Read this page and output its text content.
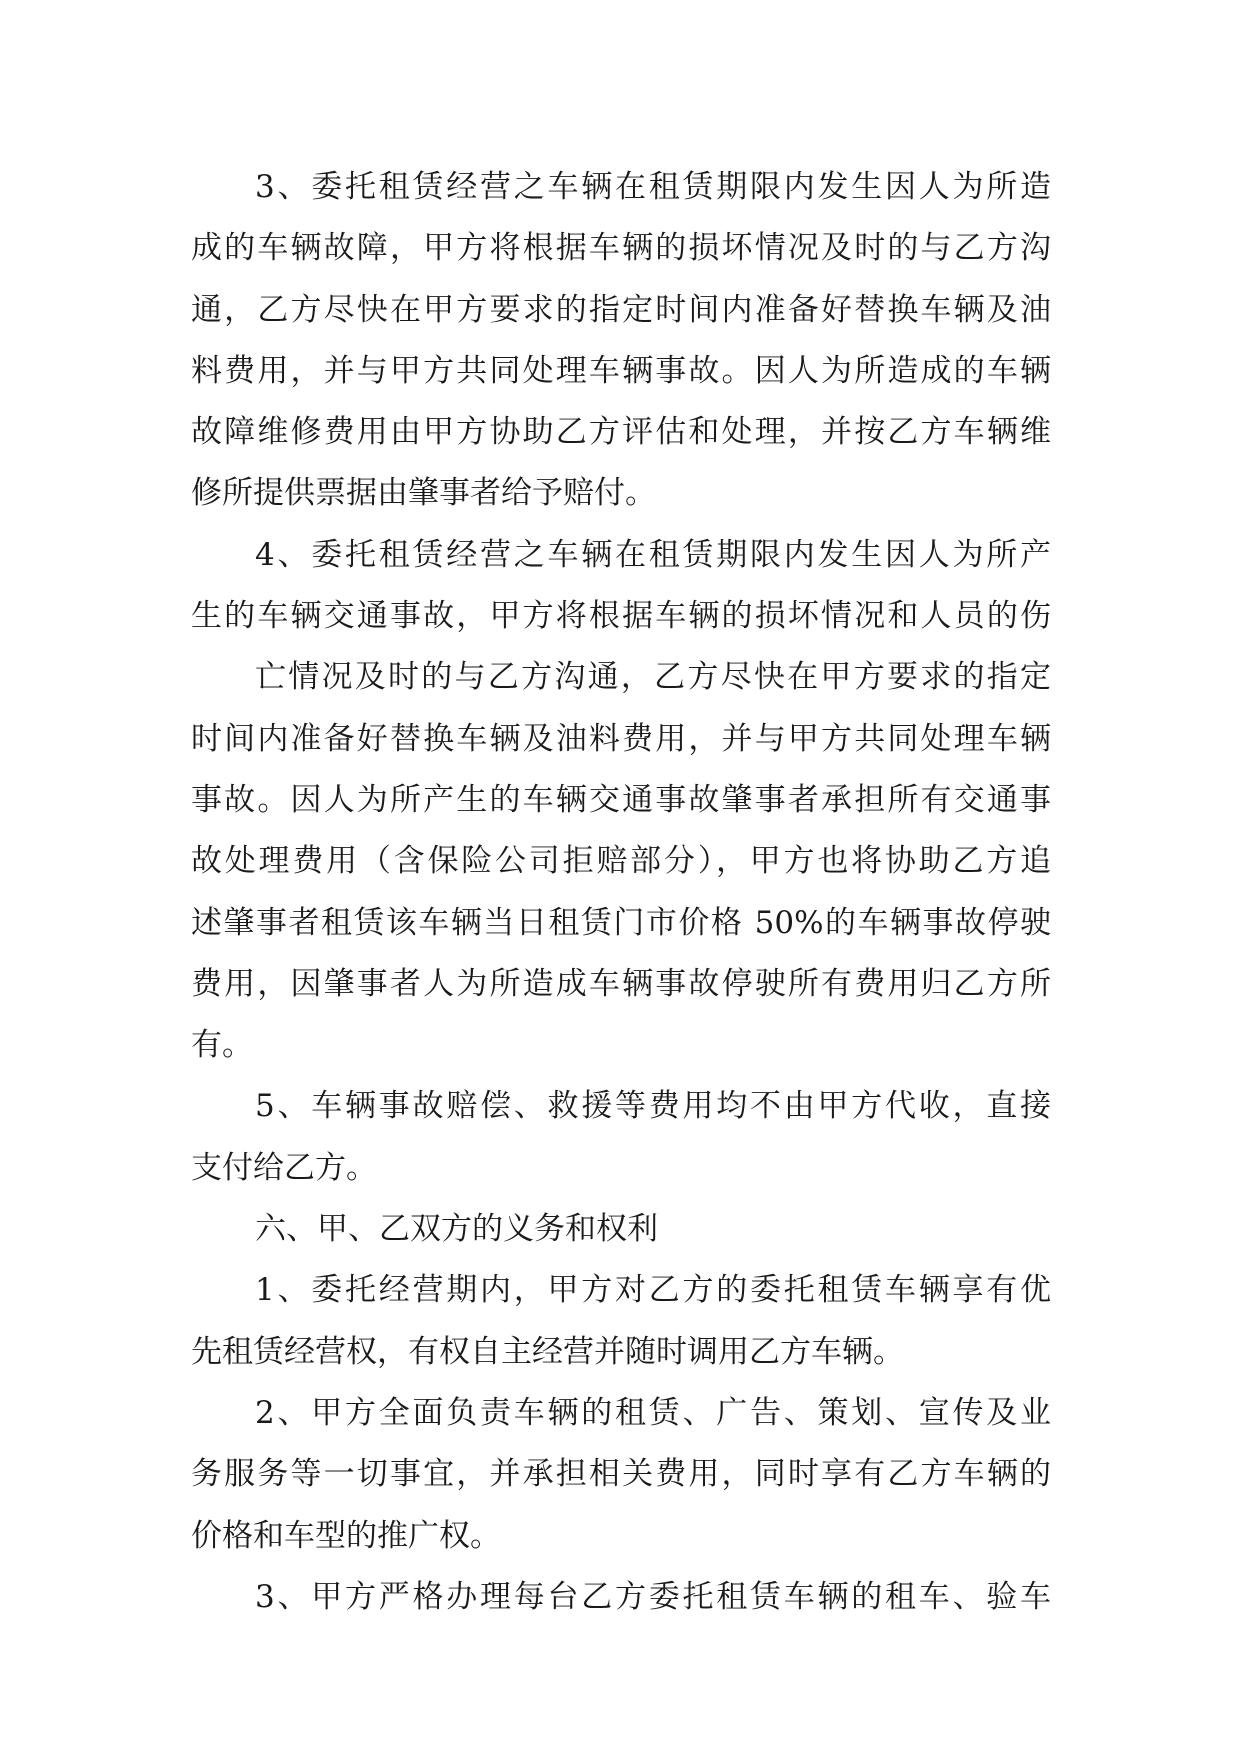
3、委托租赁经营之车辆在租赁期限内发生因人为所造
成的车辆故障，甲方将根据车辆的损坏情况及时的与乙方沟
通，乙方尽快在甲方要求的指定时间内准备好替换车辆及油
料费用，并与甲方共同处理车辆事故。因人为所造成的车辆
故障维修费用由甲方协助乙方评估和处理，并按乙方车辆维
修所提供票据由肇事者给予赔付。
4、委托租赁经营之车辆在租赁期限内发生因人为所产
生的车辆交通事故，甲方将根据车辆的损坏情况和人员的伤
亡情况及时的与乙方沟通，乙方尽快在甲方要求的指定
时间内准备好替换车辆及油料费用，并与甲方共同处理车辆
事故。因人为所产生的车辆交通事故肇事者承担所有交通事
故处理费用（含保险公司拒赔部分），甲方也将协助乙方追
述肇事者租赁该车辆当日租赁门市价格 50%的车辆事故停驶
费用，因肇事者人为所造成车辆事故停驶所有费用归乙方所
有。
5、车辆事故赔偿、救援等费用均不由甲方代收，直接
支付给乙方。
六、甲、乙双方的义务和权利
1、委托经营期内，甲方对乙方的委托租赁车辆享有优
先租赁经营权，有权自主经营并随时调用乙方车辆。
2、甲方全面负责车辆的租赁、广告、策划、宣传及业
务服务等一切事宜，并承担相关费用，同时享有乙方车辆的
价格和车型的推广权。
3、甲方严格办理每台乙方委托租赁车辆的租车、验车
